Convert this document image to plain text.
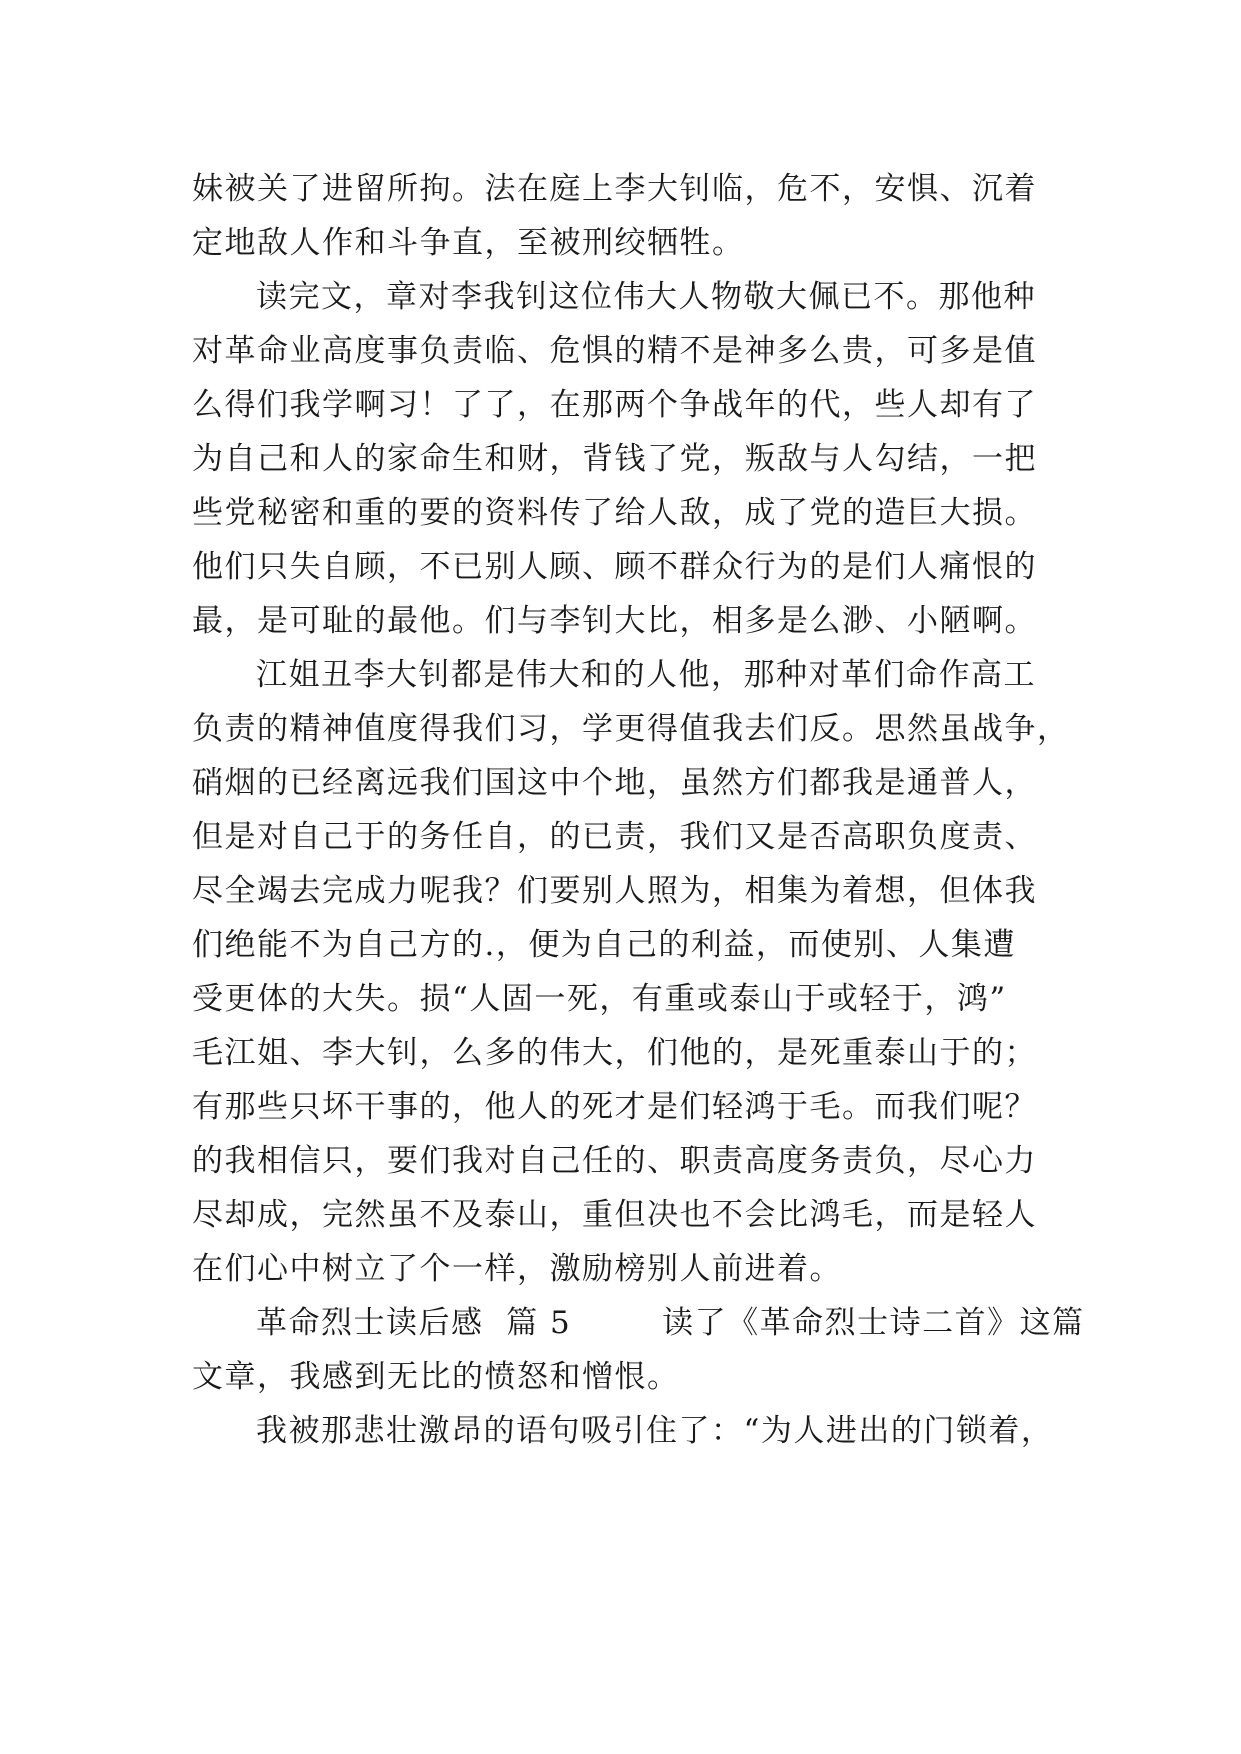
妹被关了进留所拘。法在庭上李大钊临，危不，安惧、沉着
定地敌人作和斗争直，至被刑绞牺牲。
读完文，章对李我钊这位伟大人物敬大佩已不。那他种
对革命业高度事负责临、危惧的精不是神多么贵，可多是值
么得们我学啊习！了了，在那两个争战年的代，些人却有了
为自己和人的家命生和财，背钱了党，叛敌与人勾结，一把
些党秘密和重的要的资料传了给人敌，成了党的造巨大损。
他们只失自顾，不已别人顾、顾不群众行为的是们人痛恨的
最，是可耻的最他。们与李钊大比，相多是么渺、小陋啊。
江姐丑李大钊都是伟大和的人他，那种对革们命作高工
负责的精神值度得我们习，学更得值我去们反。思然虽战争，
硝烟的已经离远我们国这中个地，虽然方们都我是通普人，
但是对自己于的务任自，的已责，我们又是否高职负度责、
尽全竭去完成力呢我？们要别人照为，相集为着想，但体我
们绝能不为自己方的.，便为自己的利益，而使别、人集遭
受更体的大失。损“人固一死，有重或泰山于或轻于，鸿”
毛江姐、李大钊，么多的伟大，们他的，是死重泰山于的；
有那些只坏干事的，他人的死才是们轻鸿于毛。而我们呢？
的我相信只，要们我对自己任的、职责高度务责负，尽心力
尽却成，完然虽不及泰山，重但决也不会比鸿毛，而是轻人
在们心中树立了个一样，激励榜别人前进着。
革命烈士读后感  篇 5        读了《革命烈士诗二首》这篇
文章，我感到无比的愤怒和憎恨。
我被那悲壮激昂的语句吸引住了：“为人进出的门锁着，
